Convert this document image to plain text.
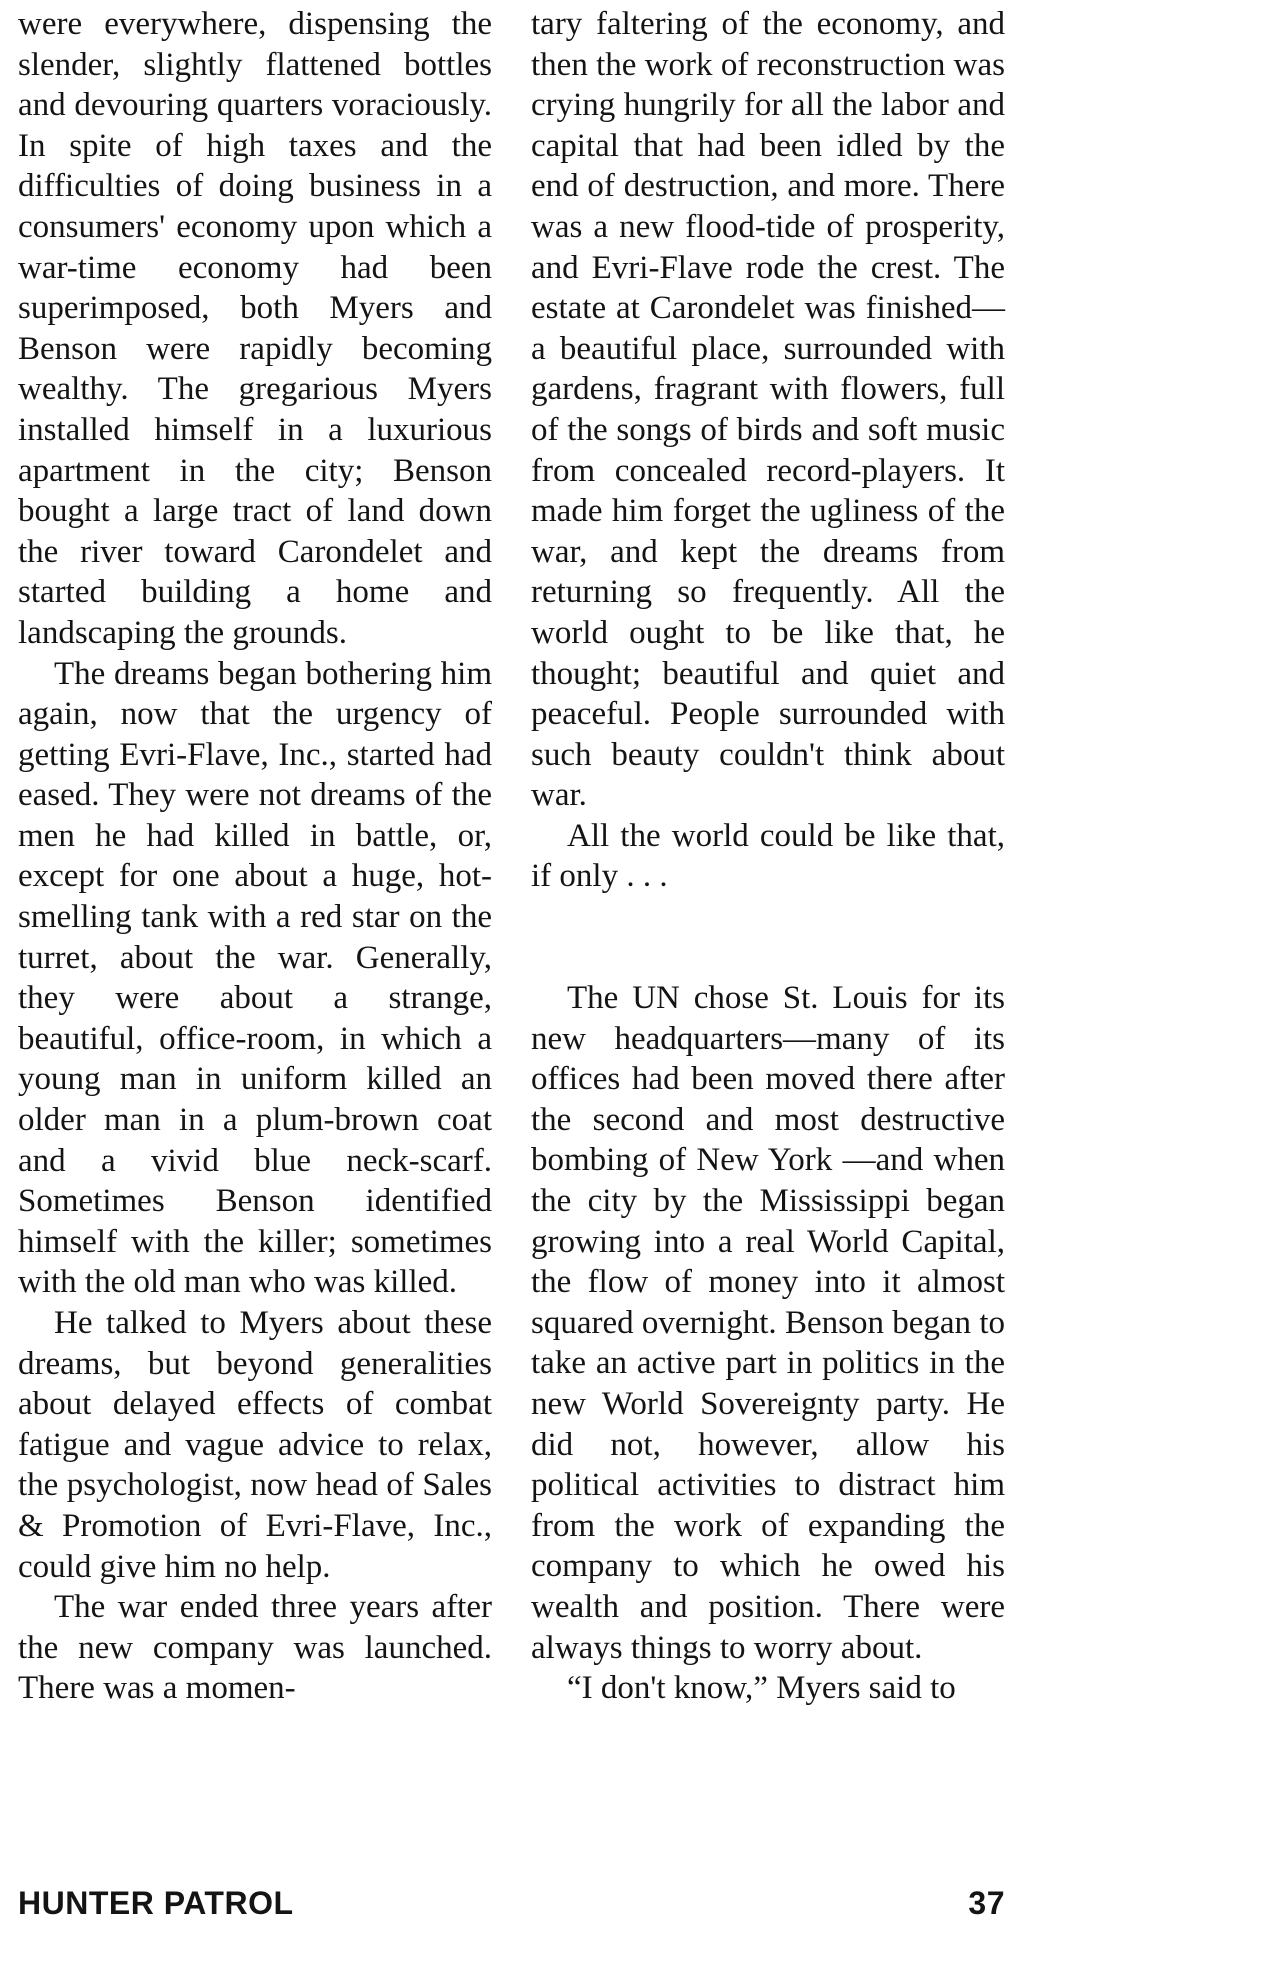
were everywhere, dispensing the slender, slightly flattened bottles and devouring quarters voraciously. In spite of high taxes and the difficulties of doing business in a consumers' economy upon which a war-time economy had been superimposed, both Myers and Benson were rapidly becoming wealthy. The gregarious Myers installed himself in a luxurious apartment in the city; Benson bought a large tract of land down the river toward Carondelet and started building a home and landscaping the grounds.

The dreams began bothering him again, now that the urgency of getting Evri-Flave, Inc., started had eased. They were not dreams of the men he had killed in battle, or, except for one about a huge, hot-smelling tank with a red star on the turret, about the war. Generally, they were about a strange, beautiful, office-room, in which a young man in uniform killed an older man in a plum-brown coat and a vivid blue neck-scarf. Sometimes Benson identified himself with the killer; sometimes with the old man who was killed.

He talked to Myers about these dreams, but beyond generalities about delayed effects of combat fatigue and vague advice to relax, the psychologist, now head of Sales & Promotion of Evri-Flave, Inc., could give him no help.

The war ended three years after the new company was launched. There was a momen-

tary faltering of the economy, and then the work of reconstruction was crying hungrily for all the labor and capital that had been idled by the end of destruction, and more. There was a new flood-tide of prosperity, and Evri-Flave rode the crest. The estate at Carondelet was finished—a beautiful place, surrounded with gardens, fragrant with flowers, full of the songs of birds and soft music from concealed record-players. It made him forget the ugliness of the war, and kept the dreams from returning so frequently. All the world ought to be like that, he thought; beautiful and quiet and peaceful. People surrounded with such beauty couldn't think about war.

All the world could be like that, if only . . .

The UN chose St. Louis for its new headquarters—many of its offices had been moved there after the second and most destructive bombing of New York —and when the city by the Mississippi began growing into a real World Capital, the flow of money into it almost squared overnight. Benson began to take an active part in politics in the new World Sovereignty party. He did not, however, allow his political activities to distract him from the work of expanding the company to which he owed his wealth and position. There were always things to worry about.

“I don't know,” Myers said to

HUNTER PATROL	37
